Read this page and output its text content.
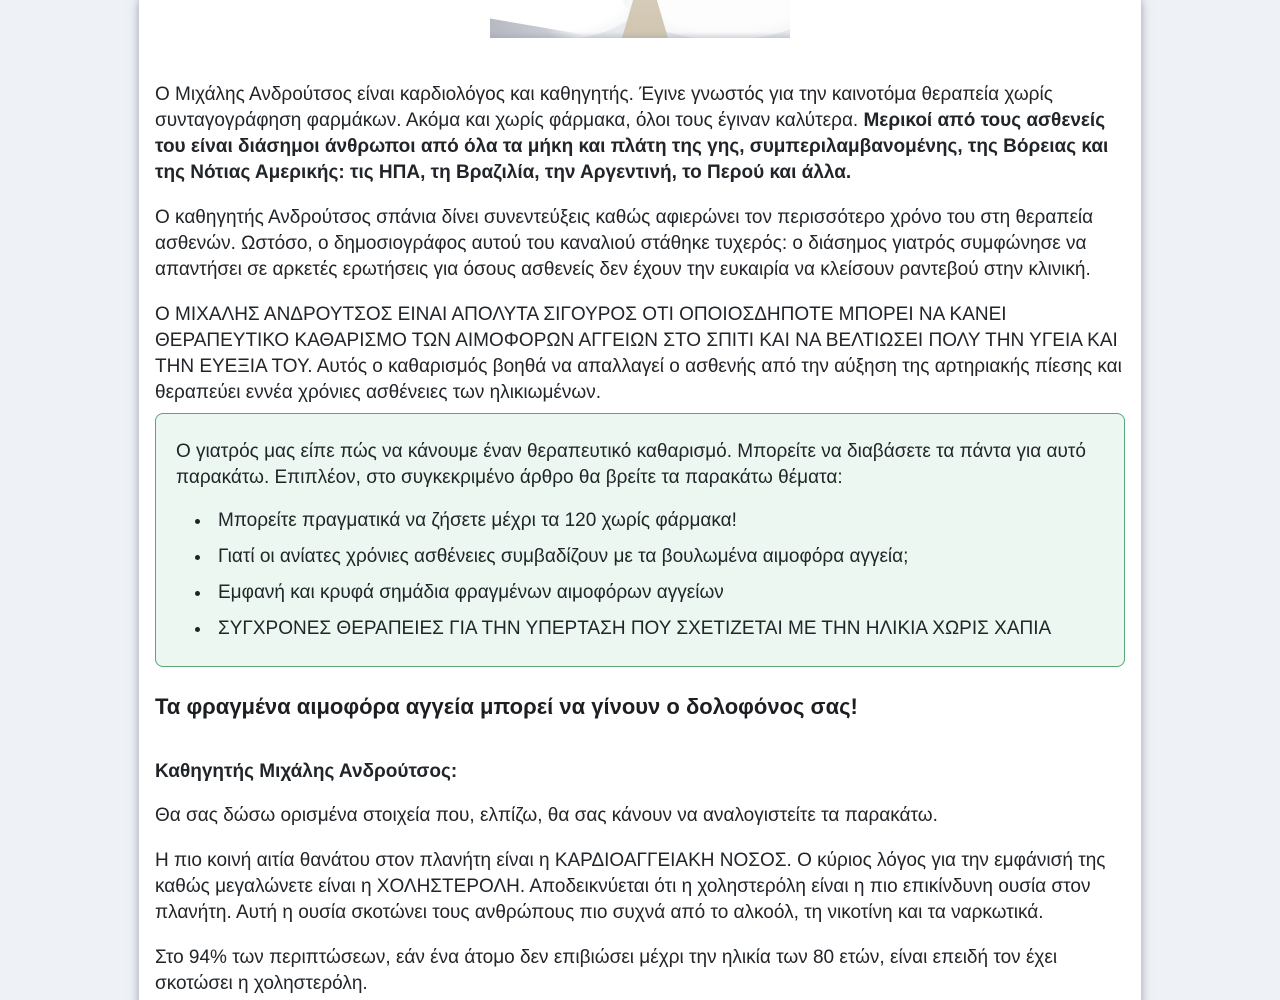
Ο Μιχάλης Ανδρούτσος είναι καρδιολόγος και καθηγητής. Έγινε γνωστός για την καινοτόμα θεραπεία χωρίς συνταγογράφηση φαρμάκων. Ακόμα και χωρίς φάρμακα, όλοι τους έγιναν καλύτερα. Μερικοί από τους ασθενείς του είναι διάσημοι άνθρωποι από όλα τα μήκη και πλάτη της γης, συμπεριλαμβανομένης, της Βόρειας και της Νότιας Αμερικής: τις ΗΠΑ, τη Βραζιλία, την Αργεντινή, το Περού και άλλα.

Ο καθηγητής Ανδρούτσος σπάνια δίνει συνεντεύξεις καθώς αφιερώνει τον περισσότερο χρόνο του στη θεραπεία ασθενών. Ωστόσο, ο δημοσιογράφος αυτού του καναλιού στάθηκε τυχερός: ο διάσημος γιατρός συμφώνησε να απαντήσει σε αρκετές ερωτήσεις για όσους ασθενείς δεν έχουν την ευκαιρία να κλείσουν ραντεβού στην κλινική.

Ο ΜΙΧΑΛΗΣ ΑΝΔΡΟΥΤΣΟΣ ΕΙΝΑΙ ΑΠΟΛΥΤΑ ΣΙΓΟΥΡΟΣ ΟΤΙ ΟΠΟΙΟΣΔΗΠΟΤΕ ΜΠΟΡΕΙ ΝΑ ΚΑΝΕΙ ΘΕΡΑΠΕΥΤΙΚΟ ΚΑΘΑΡΙΣΜΟ ΤΩΝ ΑΙΜΟΦΟΡΩΝ ΑΓΓΕΙΩΝ ΣΤΟ ΣΠΙΤΙ ΚΑΙ ΝΑ ΒΕΛΤΙΩΣΕΙ ΠΟΛΥ ΤΗΝ ΥΓΕΙΑ ΚΑΙ ΤΗΝ ΕΥΕΞΙΑ ΤΟΥ. Αυτός ο καθαρισμός βοηθά να απαλλαγεί ο ασθενής από την αύξηση της αρτηριακής πίεσης και θεραπεύει εννέα χρόνιες ασθένειες των ηλικιωμένων.

Ο γιατρός μας είπε πώς να κάνουμε έναν θεραπευτικό καθαρισμό. Μπορείτε να διαβάσετε τα πάντα για αυτό παρακάτω. Επιπλέον, στο συγκεκριμένο άρθρο θα βρείτε τα παρακάτω θέματα:

• Μπορείτε πραγματικά να ζήσετε μέχρι τα 120 χωρίς φάρμακα!
• Γιατί οι ανίατες χρόνιες ασθένειες συμβαδίζουν με τα βουλωμένα αιμοφόρα αγγεία;
• Εμφανή και κρυφά σημάδια φραγμένων αιμοφόρων αγγείων
• ΣΥΓΧΡΟΝΕΣ ΘΕΡΑΠΕΙΕΣ ΓΙΑ ΤΗΝ ΥΠΕΡΤΑΣΗ ΠΟΥ ΣΧΕΤΙΖΕΤΑΙ ΜΕ ΤΗΝ ΗΛΙΚΙΑ ΧΩΡΙΣ ΧΑΠΙΑ
Τα φραγμένα αιμοφόρα αγγεία μπορεί να γίνουν ο δολοφόνος σας!

Καθηγητής Μιχάλης Ανδρούτσος:

Θα σας δώσω ορισμένα στοιχεία που, ελπίζω, θα σας κάνουν να αναλογιστείτε τα παρακάτω.

Η πιο κοινή αιτία θανάτου στον πλανήτη είναι η ΚΑΡΔΙΟΑΓΓΕΙΑΚΗ ΝΟΣΟΣ. Ο κύριος λόγος για την εμφάνισή της καθώς μεγαλώνετε είναι η ΧΟΛΗΣΤΕΡΟΛΗ. Αποδεικνύεται ότι η χοληστερόλη είναι η πιο επικίνδυνη ουσία στον πλανήτη. Αυτή η ουσία σκοτώνει τους ανθρώπους πιο συχνά από το αλκοόλ, τη νικοτίνη και τα ναρκωτικά.

Στο 94% των περιπτώσεων, εάν ένα άτομο δεν επιβιώσει μέχρι την ηλικία των 80 ετών, είναι επειδή τον έχει σκοτώσει η χοληστερόλη.
